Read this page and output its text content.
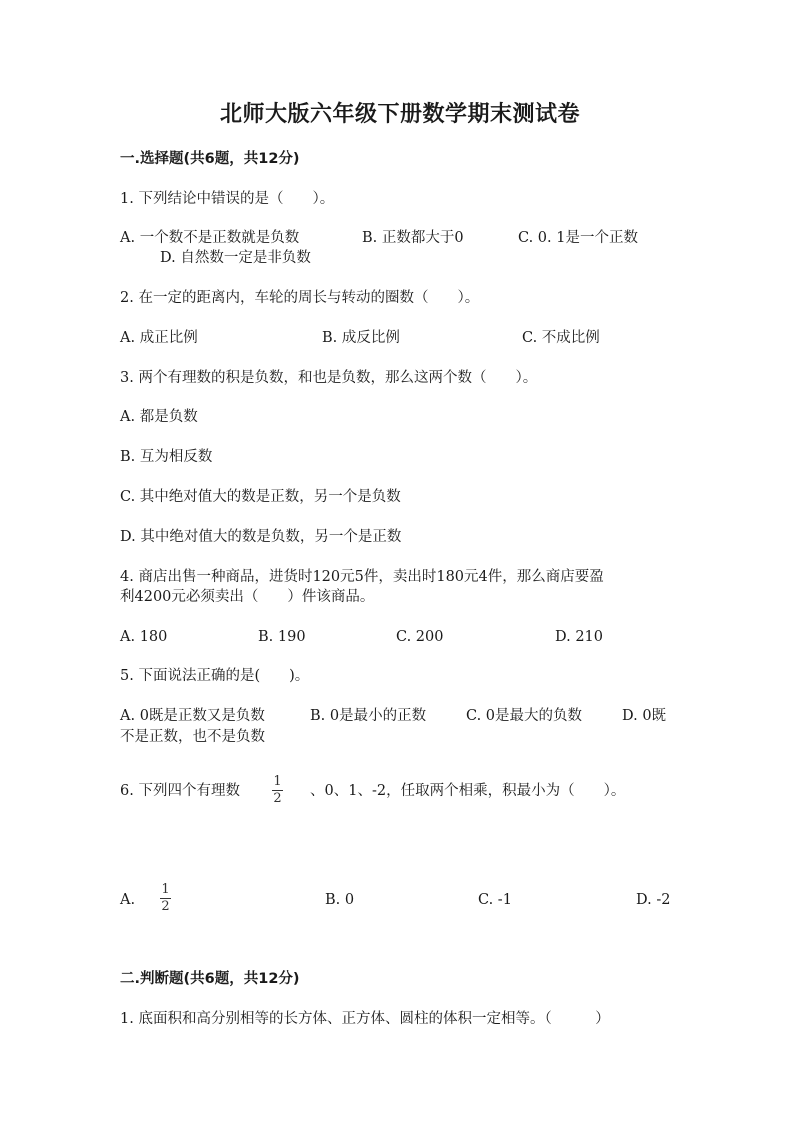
北师大版六年级下册数学期末测试卷
一.选择题(共6题，共12分)
1. 下列结论中错误的是（　　）。
A. 一个数不是正数就是负数	B. 正数都大于0	C. 0. 1是一个正数
D. 自然数一定是非负数
2. 在一定的距离内，车轮的周长与转动的圈数（　　）。
A. 成正比例	B. 成反比例	C. 不成比例
3. 两个有理数的积是负数，和也是负数，那么这两个数（　　）。
A. 都是负数
B. 互为相反数
C. 其中绝对值大的数是正数，另一个是负数
D. 其中绝对值大的数是负数，另一个是正数
4. 商店出售一种商品，进货时120元5件，卖出时180元4件，那么商店要盈
利4200元必须卖出（　　）件该商品。
A. 180	B. 190	C. 200	D. 210
5. 下面说法正确的是(　　)。
A. 0既是正数又是负数	B. 0是最小的正数	C. 0是最大的负数	D. 0既
不是正数，也不是负数
6. 下列四个有理数
1
2 、0、1、-2，任取两个相乘，积最小为（　　）。
A.
1
2	B. 0	C. -1	D. -2
二.判断题(共6题，共12分)
1. 底面积和高分别相等的长方体、正方体、圆柱的体积一定相等。（　　　）
